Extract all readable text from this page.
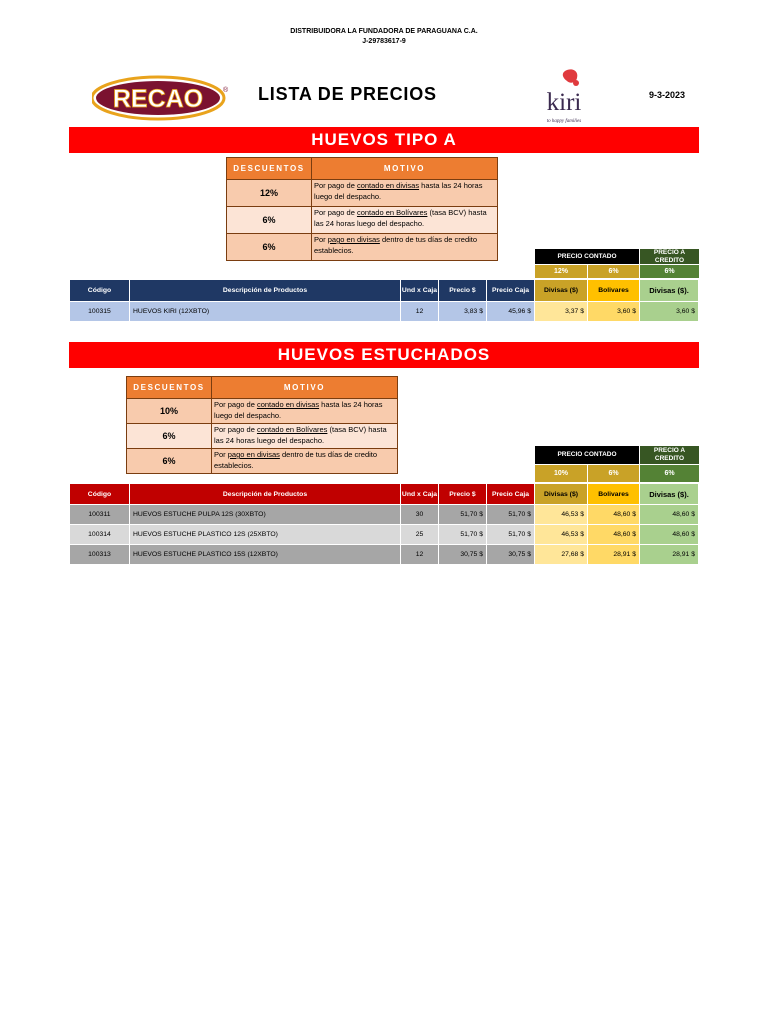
DISTRIBUIDORA LA FUNDADORA DE PARAGUANA C.A.
J-29783617-9
RECAO	® LISTA DE PRECIOS	kiri
to happy families
9-3-2023
HUEVOS TIPO A
DESCUENTOS	MOTIVO
12%	Por pago de contado en divisas hasta las 24 horas luego del despacho.
6%	Por pago de contado en Bolívares (tasa BCV) hasta las 24 horas luego del despacho.
6%	Por pago en divisas dentro de tus días de credito establecios.
PRECIO CONTADO
PRECIO A CREDITO
12%	6%	6%
Código	Descripción de Productos	Und x Caja	Precio $	Precio Caja	Divisas ($)	Bolivares	Divisas ($).
100315	HUEVOS KIRI (12XBTO)	12	3,83 $	45,96 $	3,37 $	3,60 $	3,60 $
HUEVOS ESTUCHADOS
DESCUENTOS	MOTIVO
10%	Por pago de contado en divisas hasta las 24 horas luego del despacho.
6%	Por pago de contado en Bolívares (tasa BCV) hasta las 24 horas luego del despacho.
6%	Por pago en divisas dentro de tus días de credito establecios.
PRECIO CONTADO
PRECIO A CREDITO
10%	6%	6%
Código	Descripción de Productos	Und x Caja	Precio $	Precio Caja	Divisas ($)	Bolivares	Divisas ($).
100311	HUEVOS ESTUCHE PULPA 12S (30XBTO)	30	51,70 $	51,70 $	46,53 $	48,60 $	48,60 $
100314	HUEVOS ESTUCHE PLASTICO 12S (25XBTO)	25	51,70 $	51,70 $	46,53 $	48,60 $	48,60 $
100313	HUEVOS ESTUCHE PLASTICO 15S (12XBTO)	12	30,75 $	30,75 $	27,68 $	28,91 $	28,91 $
